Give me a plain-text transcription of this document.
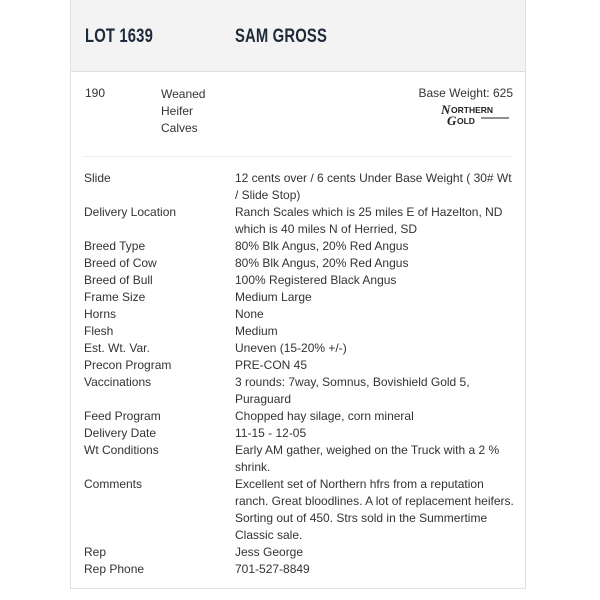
LOT 1639	SAM GROSS
190	Weaned
Heifer
Calves
Base Weight: 625
N ORTHERN
G OLD
Slide	12 cents over / 6 cents Under Base Weight ( 30# Wt / Slide Stop)
Delivery Location	Ranch Scales which is 25 miles E of Hazelton, ND which is 40 miles N of Herried, SD
Breed Type	80% Blk Angus, 20% Red Angus
Breed of Cow	80% Blk Angus, 20% Red Angus
Breed of Bull	100% Registered Black Angus
Frame Size	Medium Large
Horns	None
Flesh	Medium
Est. Wt. Var.	Uneven (15-20% +/-)
Precon Program	PRE-CON 45
Vaccinations	3 rounds: 7way, Somnus, Bovishield Gold 5, Puraguard
Feed Program	Chopped hay silage, corn mineral
Delivery Date	11-15 - 12-05
Wt Conditions	Early AM gather, weighed on the Truck with a 2 % shrink.
Comments	Excellent set of Northern hfrs from a reputation ranch. Great bloodlines. A lot of replacement heifers. Sorting out of 450. Strs sold in the Summertime Classic sale.
Rep	Jess George
Rep Phone	701-527-8849
